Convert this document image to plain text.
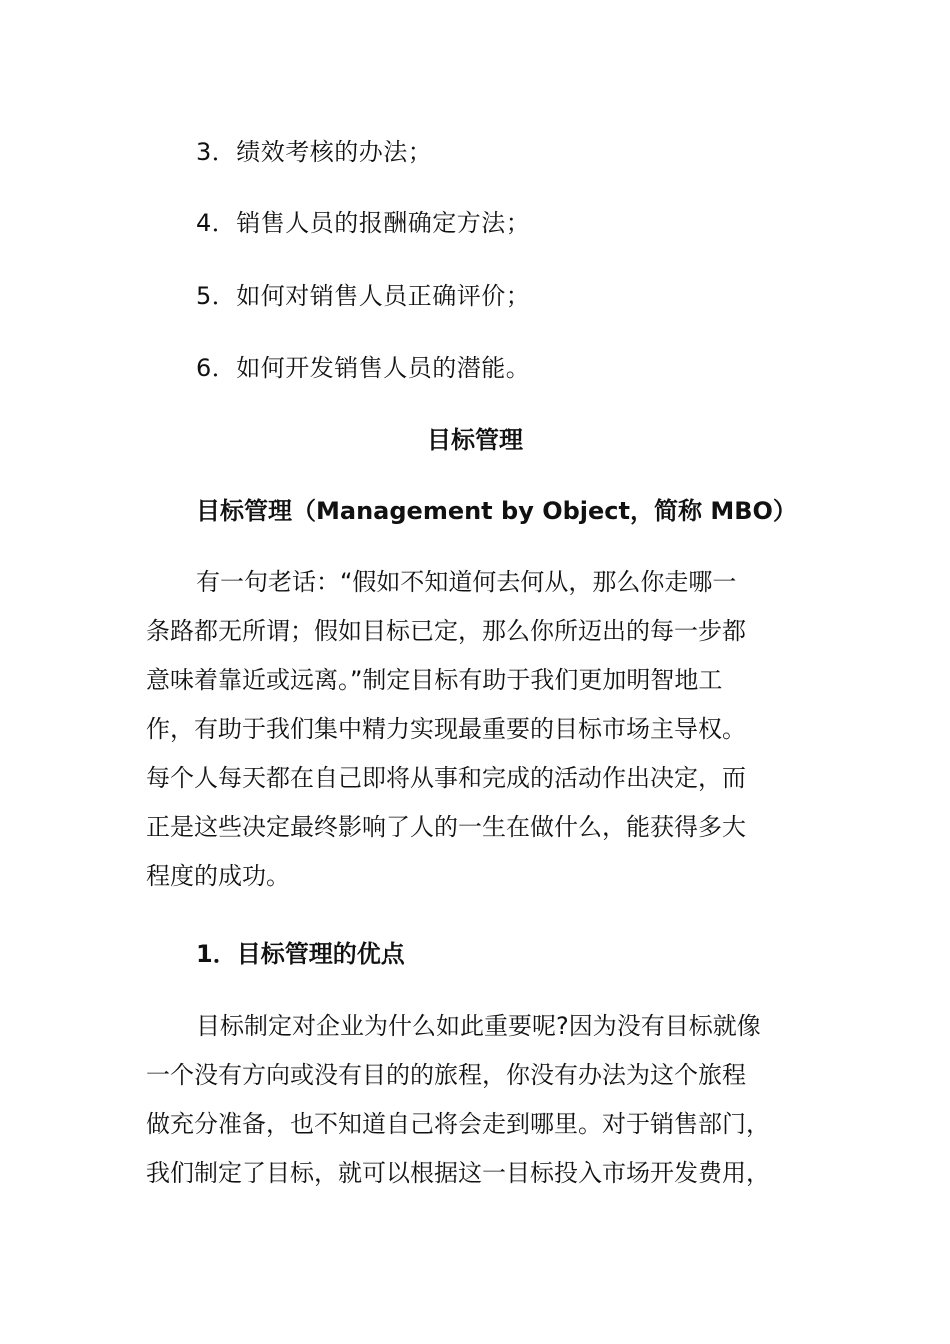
3．绩效考核的办法；
4．销售人员的报酬确定方法；
5．如何对销售人员正确评价；
6．如何开发销售人员的潜能。
目标管理
目标管理（Management by Object，简称 MBO）
有一句老话：“假如不知道何去何从，那么你走哪一
条路都无所谓；假如目标已定，那么你所迈出的每一步都
意味着靠近或远离。”制定目标有助于我们更加明智地工
作，有助于我们集中精力实现最重要的目标市场主导权。
每个人每天都在自己即将从事和完成的活动作出决定，而
正是这些决定最终影响了人的一生在做什么，能获得多大
程度的成功。
1．目标管理的优点
目标制定对企业为什么如此重要呢?因为没有目标就像
一个没有方向或没有目的的旅程，你没有办法为这个旅程
做充分准备，也不知道自己将会走到哪里。对于销售部门，
我们制定了目标，就可以根据这一目标投入市场开发费用，
